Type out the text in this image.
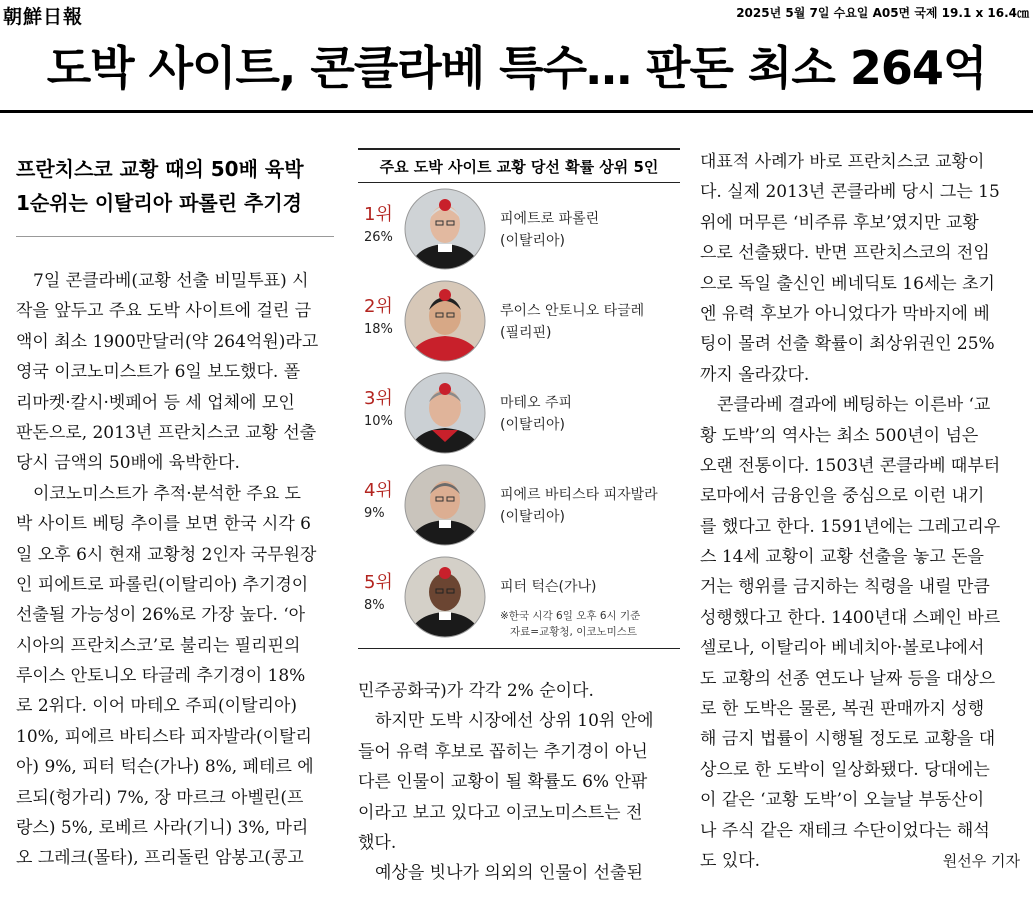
朝鮮日報	2025년 5월 7일 수요일 A05면 국제 19.1 x 16.4㎝
도박 사이트, 콘클라베 특수… 판돈 최소 264억
프란치스코 교황 때의 50배 육박
1순위는 이탈리아 파롤린 추기경
　7일 콘클라베(교황 선출 비밀투표) 시
작을 앞두고 주요 도박 사이트에 걸린 금
액이 최소 1900만달러(약 264억원)라고
영국 이코노미스트가 6일 보도했다. 폴
리마켓·칼시·벳페어 등 세 업체에 모인
판돈으로, 2013년 프란치스코 교황 선출
당시 금액의 50배에 육박한다.
　이코노미스트가 추적·분석한 주요 도
박 사이트 베팅 추이를 보면 한국 시각 6
일 오후 6시 현재 교황청 2인자 국무원장
인 피에트로 파롤린(이탈리아) 추기경이
선출될 가능성이 26%로 가장 높다. ‘아
시아의 프란치스코’로 불리는 필리핀의
루이스 안토니오 타글레 추기경이 18%
로 2위다. 이어 마테오 주피(이탈리아)
10%, 피에르 바티스타 피자발라(이탈리
아) 9%, 피터 턱슨(가나) 8%, 페테르 에
르되(헝가리) 7%, 장 마르크 아벨린(프
랑스) 5%, 로베르 사라(기니) 3%, 마리
오 그레크(몰타), 프리돌린 암봉고(콩고
주요 도박 사이트 교황 당선 확률 상위 5인
1위
26%
피에트로 파롤린
(이탈리아)
2위
18%
루이스 안토니오 타글레
(필리핀)
3위
10%
마테오 주피
(이탈리아)
4위
9%
피에르 바티스타 피자발라
(이탈리아)
5위
8%
피터 턱슨(가나)
※한국 시각 6일 오후 6시 기준
자료=교황청, 이코노미스트
민주공화국)가 각각 2% 순이다.
　하지만 도박 시장에선 상위 10위 안에
들어 유력 후보로 꼽히는 추기경이 아닌
다른 인물이 교황이 될 확률도 6% 안팎
이라고 보고 있다고 이코노미스트는 전
했다.
　예상을 빗나가 의외의 인물이 선출된
대표적 사례가 바로 프란치스코 교황이
다. 실제 2013년 콘클라베 당시 그는 15
위에 머무른 ‘비주류 후보’였지만 교황
으로 선출됐다. 반면 프란치스코의 전임
으로 독일 출신인 베네딕토 16세는 초기
엔 유력 후보가 아니었다가 막바지에 베
팅이 몰려 선출 확률이 최상위권인 25%
까지 올라갔다.
　콘클라베 결과에 베팅하는 이른바 ‘교
황 도박’의 역사는 최소 500년이 넘은
오랜 전통이다. 1503년 콘클라베 때부터
로마에서 금융인을 중심으로 이런 내기
를 했다고 한다. 1591년에는 그레고리우
스 14세 교황이 교황 선출을 놓고 돈을
거는 행위를 금지하는 칙령을 내릴 만큼
성행했다고 한다. 1400년대 스페인 바르
셀로나, 이탈리아 베네치아·볼로냐에서
도 교황의 선종 연도나 날짜 등을 대상으
로 한 도박은 물론, 복권 판매까지 성행
해 금지 법률이 시행될 정도로 교황을 대
상으로 한 도박이 일상화됐다. 당대에는
이 같은 ‘교황 도박’이 오늘날 부동산이
나 주식 같은 재테크 수단이었다는 해석
도 있다.	원선우 기자
